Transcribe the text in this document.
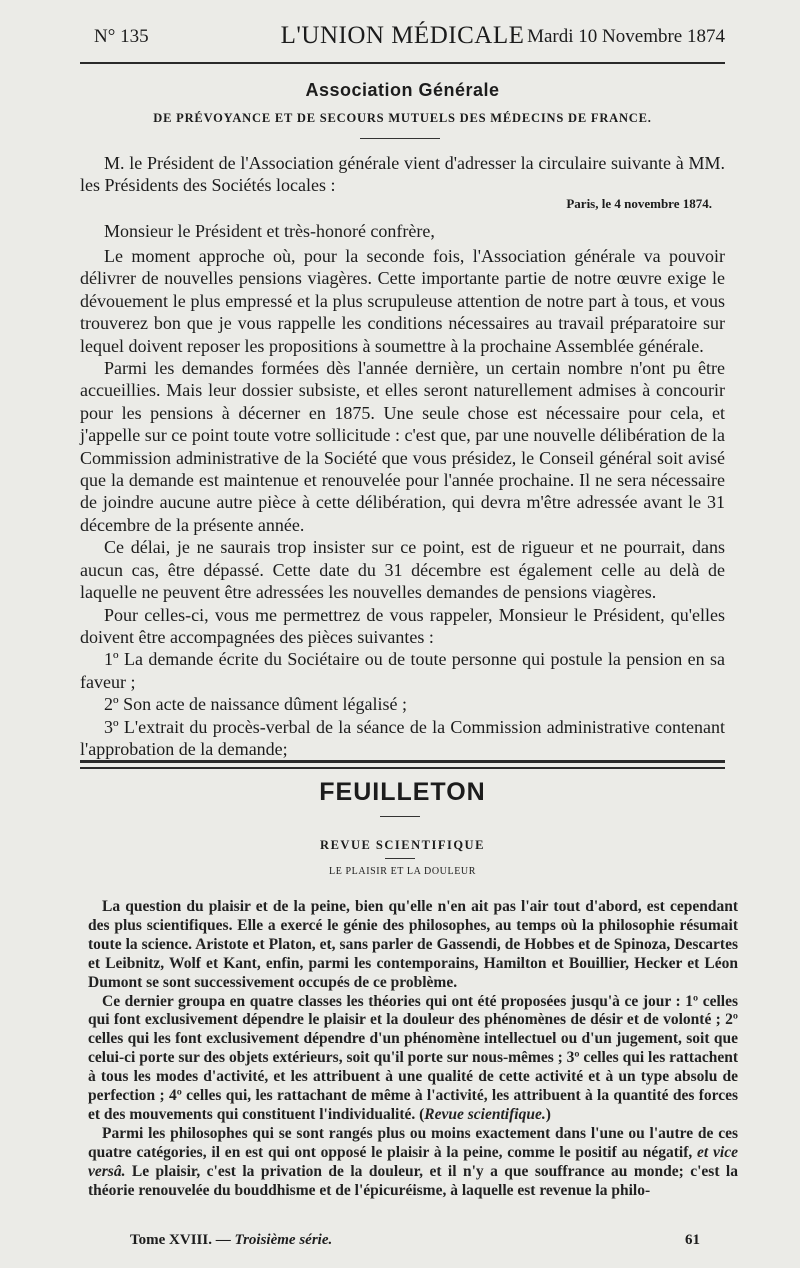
N° 135	L'UNION MÉDICALE Mardi 10 Novembre 1874
Association Générale
DE PRÉVOYANCE ET DE SECOURS MUTUELS DES MÉDECINS DE FRANCE.

M. le Président de l'Association générale vient d'adresser la circulaire suivante à MM. les Présidents des Sociétés locales :

Paris, le 4 novembre 1874.
Monsieur le Président et très-honoré confrère,

Le moment approche où, pour la seconde fois, l'Association générale va pouvoir délivrer de nouvelles pensions viagères. Cette importante partie de notre œuvre exige le dévouement le plus empressé et la plus scrupuleuse attention de notre part à tous, et vous trouverez bon que je vous rappelle les conditions nécessaires au travail préparatoire sur lequel doivent reposer les propositions à soumettre à la prochaine Assemblée générale.

Parmi les demandes formées dès l'année dernière, un certain nombre n'ont pu être accueillies. Mais leur dossier subsiste, et elles seront naturellement admises à concourir pour les pensions à décerner en 1875. Une seule chose est nécessaire pour cela, et j'appelle sur ce point toute votre sollicitude : c'est que, par une nouvelle délibération de la Commission administrative de la Société que vous présidez, le Conseil général soit avisé que la demande est maintenue et renouvelée pour l'année prochaine. Il ne sera nécessaire de joindre aucune autre pièce à cette délibération, qui devra m'être adressée avant le 31 décembre de la présente année.

Ce délai, je ne saurais trop insister sur ce point, est de rigueur et ne pourrait, dans aucun cas, être dépassé. Cette date du 31 décembre est également celle au delà de laquelle ne peuvent être adressées les nouvelles demandes de pensions viagères.

Pour celles-ci, vous me permettrez de vous rappeler, Monsieur le Président, qu'elles doivent être accompagnées des pièces suivantes :

1º La demande écrite du Sociétaire ou de toute personne qui postule la pension en sa faveur ;

2º Son acte de naissance dûment légalisé ;

3º L'extrait du procès-verbal de la séance de la Commission administrative contenant l'approbation de la demande;

FEUILLETON
REVUE SCIENTIFIQUE
LE PLAISIR ET LA DOULEUR

La question du plaisir et de la peine, bien qu'elle n'en ait pas l'air tout d'abord, est cependant des plus scientifiques. Elle a exercé le génie des philosophes, au temps où la philosophie résumait toute la science. Aristote et Platon, et, sans parler de Gassendi, de Hobbes et de Spinoza, Descartes et Leibnitz, Wolf et Kant, enfin, parmi les contemporains, Hamilton et Bouillier, Hecker et Léon Dumont se sont successivement occupés de ce problème.

Ce dernier groupa en quatre classes les théories qui ont été proposées jusqu'à ce jour : 1º celles qui font exclusivement dépendre le plaisir et la douleur des phénomènes de désir et de volonté ; 2º celles qui les font exclusivement dépendre d'un phénomène intellectuel ou d'un jugement, soit que celui-ci porte sur des objets extérieurs, soit qu'il porte sur nous-mêmes ; 3º celles qui les rattachent à tous les modes d'activité, et les attribuent à une qualité de cette activité et à un type absolu de perfection ; 4º celles qui, les rattachant de même à l'activité, les attribuent à la quantité des forces et des mouvements qui constituent l'individualité. (Revue scientifique.)

Parmi les philosophes qui se sont rangés plus ou moins exactement dans l'une ou l'autre de ces quatre catégories, il en est qui ont opposé le plaisir à la peine, comme le positif au négatif, et vice versâ. Le plaisir, c'est la privation de la douleur, et il n'y a que souffrance au monde; c'est la théorie renouvelée du bouddhisme et de l'épicuréisme, à laquelle est revenue la philo-

Tome XVIII. — Troisième série.	61
